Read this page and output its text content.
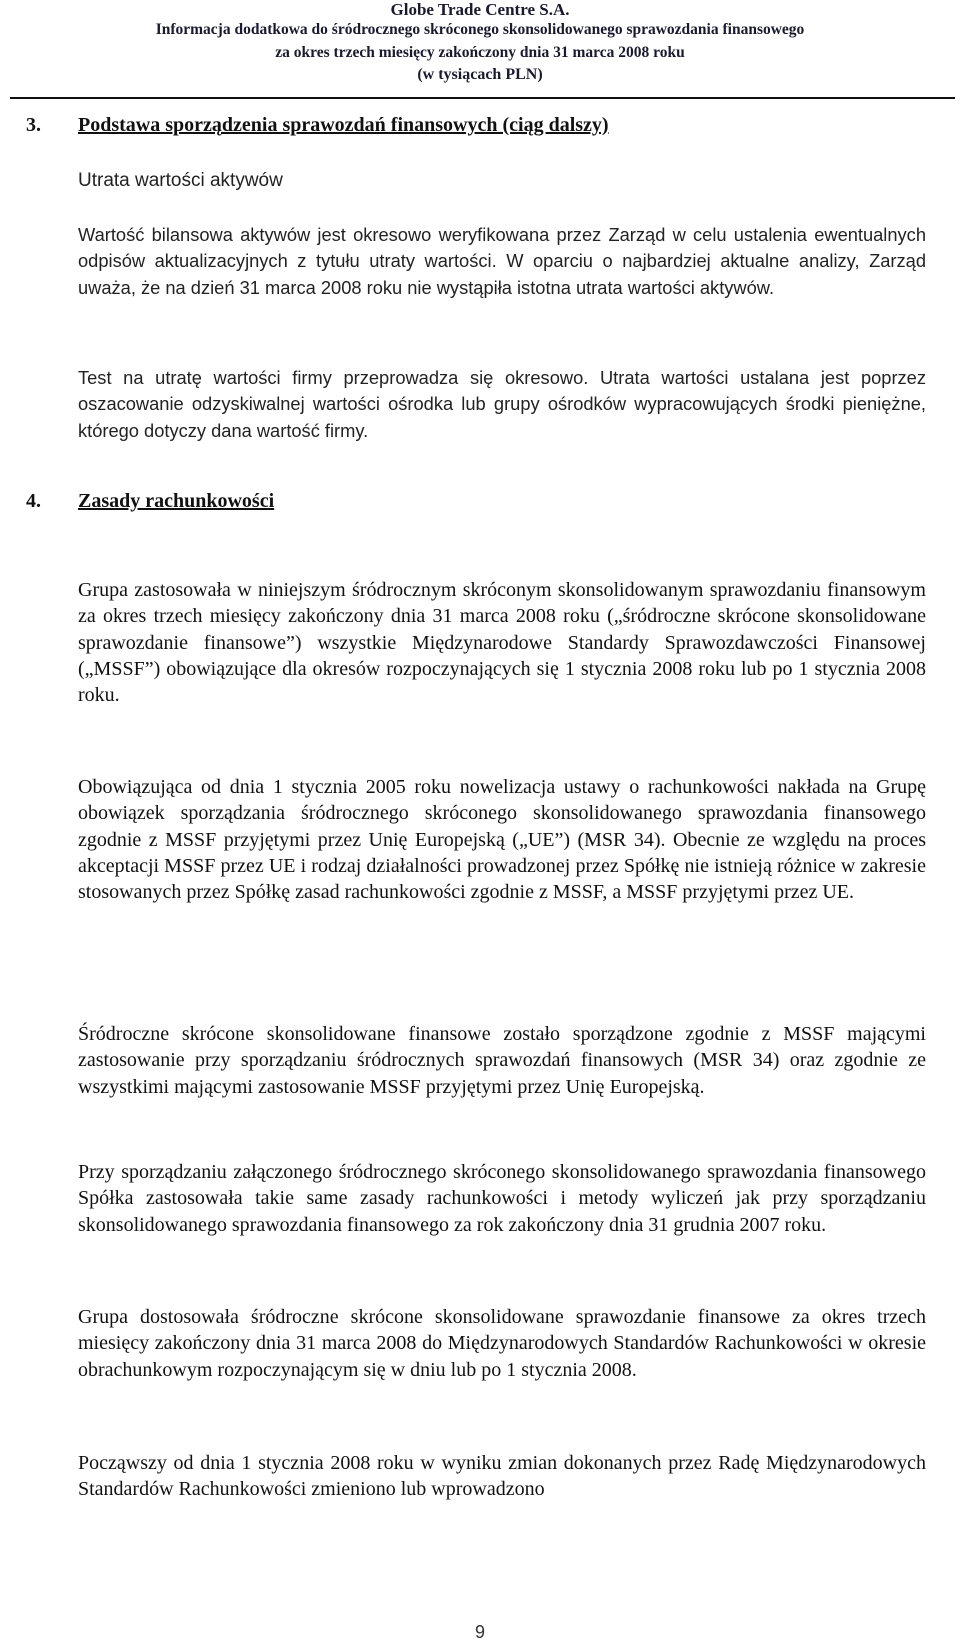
Globe Trade Centre S.A.
Informacja dodatkowa do śródrocznego skróconego skonsolidowanego sprawozdania finansowego
za okres trzech miesięcy zakończony dnia 31 marca 2008 roku
(w tysiącach PLN)
3. Podstawa sporządzenia sprawozdań finansowych (ciąg dalszy)
Utrata wartości aktywów
Wartość bilansowa aktywów jest okresowo weryfikowana przez Zarząd w celu ustalenia ewentualnych odpisów aktualizacyjnych z tytułu utraty wartości. W oparciu o najbardziej aktualne analizy, Zarząd uważa, że na dzień 31 marca 2008 roku nie wystąpiła istotna utrata wartości aktywów.
Test na utratę wartości firmy przeprowadza się okresowo. Utrata wartości ustalana jest poprzez oszacowanie odzyskiwalnej wartości ośrodka lub grupy ośrodków wypracowujących środki pieniężne, którego dotyczy dana wartość firmy.
4. Zasady rachunkowości
Grupa zastosowała w niniejszym śródrocznym skróconym skonsolidowanym sprawozdaniu finansowym za okres trzech miesięcy zakończony dnia 31 marca 2008 roku („śródroczne skrócone skonsolidowane sprawozdanie finansowe”) wszystkie Międzynarodowe Standardy Sprawozdawczości Finansowej („MSSF”) obowiązujące dla okresów rozpoczynających się 1 stycznia 2008 roku lub po 1 stycznia 2008 roku.
Obowiązująca od dnia 1 stycznia 2005 roku nowelizacja ustawy o rachunkowości nakłada na Grupę obowiązek sporządzania śródrocznego skróconego skonsolidowanego sprawozdania finansowego zgodnie z MSSF przyjętymi przez Unię Europejską („UE”) (MSR 34). Obecnie ze względu na proces akceptacji MSSF przez UE i rodzaj działalności prowadzonej przez Spółkę nie istnieją różnice w zakresie stosowanych przez Spółkę zasad rachunkowości zgodnie z MSSF, a MSSF przyjętymi przez UE.
Śródroczne skrócone skonsolidowane finansowe zostało sporządzone zgodnie z MSSF mającymi zastosowanie przy sporządzaniu śródrocznych sprawozdań finansowych (MSR 34) oraz zgodnie ze wszystkimi mającymi zastosowanie MSSF przyjętymi przez Unię Europejską.
Przy sporządzaniu załączonego śródrocznego skróconego skonsolidowanego sprawozdania finansowego Spółka zastosowała takie same zasady rachunkowości i metody wyliczeń jak przy sporządzaniu skonsolidowanego sprawozdania finansowego za rok zakończony dnia 31 grudnia 2007 roku.
Grupa dostosowała śródroczne skrócone skonsolidowane sprawozdanie finansowe za okres trzech miesięcy zakończony dnia 31 marca 2008 do Międzynarodowych Standardów Rachunkowości w okresie obrachunkowym rozpoczynającym się w dniu lub po 1 stycznia 2008.
Począwszy od dnia 1 stycznia 2008 roku w wyniku zmian dokonanych przez Radę Międzynarodowych Standardów Rachunkowości zmieniono lub wprowadzono
9
